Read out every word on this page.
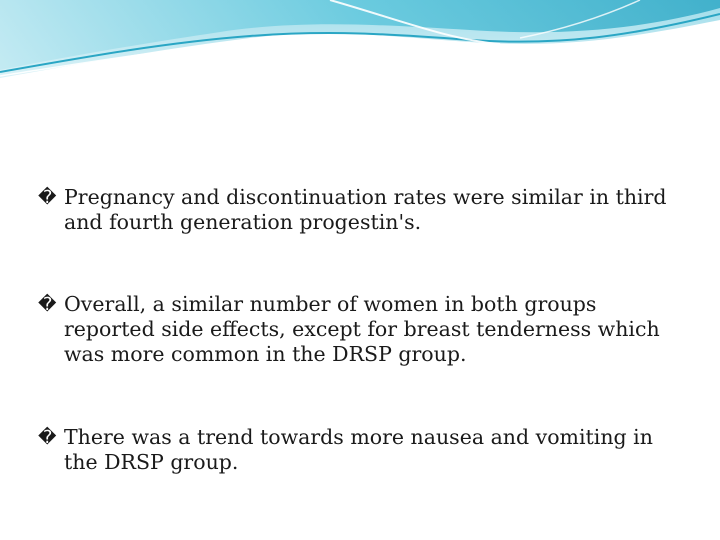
� Pregnancy and discontinuation rates were similar in third and fourth generation progestin's.
� Overall, a similar number of women in both groups reported side effects, except for breast tenderness which was more common in the DRSP group.
� There was a trend towards more nausea and vomiting in the DRSP group.
